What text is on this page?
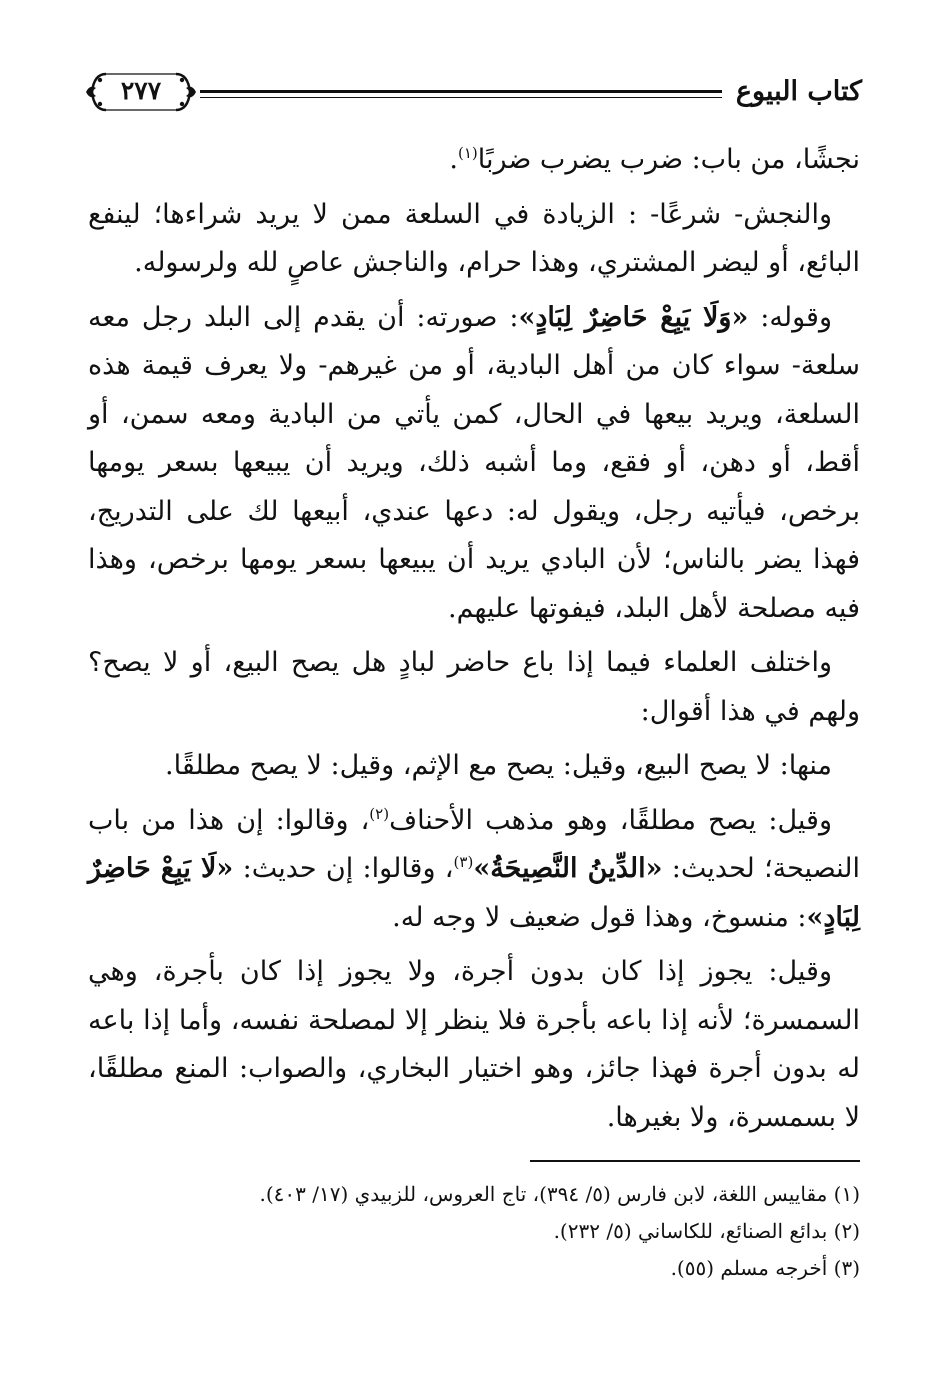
كتاب البيوع
٢٧٧

نجشًا، من باب: ضرب يضرب ضربًا$^{(١)}$.

والنجش- شرعًا- : الزيادة في السلعة ممن لا يريد شراءها؛ لينفع البائع، أو ليضر المشتري، وهذا حرام، والناجش عاصٍ لله ولرسوله.

وقوله: «وَلَا يَبِعْ حَاضِرٌ لِبَادٍ»: صورته: أن يقدم إلى البلد رجل معه سلعة- سواء كان من أهل البادية، أو من غيرهم- ولا يعرف قيمة هذه السلعة، ويريد بيعها في الحال، كمن يأتي من البادية ومعه سمن، أو أقط، أو دهن، أو فقع، وما أشبه ذلك، ويريد أن يبيعها بسعر يومها برخص، فيأتيه رجل، ويقول له: دعها عندي، أبيعها لك على التدريج، فهذا يضر بالناس؛ لأن البادي يريد أن يبيعها بسعر يومها برخص، وهذا فيه مصلحة لأهل البلد، فيفوتها عليهم.

واختلف العلماء فيما إذا باع حاضر لبادٍ هل يصح البيع، أو لا يصح؟ ولهم في هذا أقوال:

منها: لا يصح البيع، وقيل: يصح مع الإثم، وقيل: لا يصح مطلقًا.

وقيل: يصح مطلقًا، وهو مذهب الأحناف$^{(٢)}$، وقالوا: إن هذا من باب النصيحة؛ لحديث: «الدِّينُ النَّصِيحَةُ»$^{(٣)}$، وقالوا: إن حديث: «لَا يَبِعْ حَاضِرٌ لِبَادٍ»: منسوخ، وهذا قول ضعيف لا وجه له.

وقيل: يجوز إذا كان بدون أجرة، ولا يجوز إذا كان بأجرة، وهي السمسرة؛ لأنه إذا باعه بأجرة فلا ينظر إلا لمصلحة نفسه، وأما إذا باعه له بدون أجرة فهذا جائز، وهو اختيار البخاري، والصواب: المنع مطلقًا، لا بسمسرة، ولا بغيرها.

(١) مقاييس اللغة، لابن فارس (٥/ ٣٩٤)، تاج العروس، للزبيدي (١٧/ ٤٠٣).
(٢) بدائع الصنائع، للكاساني (٥/ ٢٣٢).
(٣) أخرجه مسلم (٥٥).
